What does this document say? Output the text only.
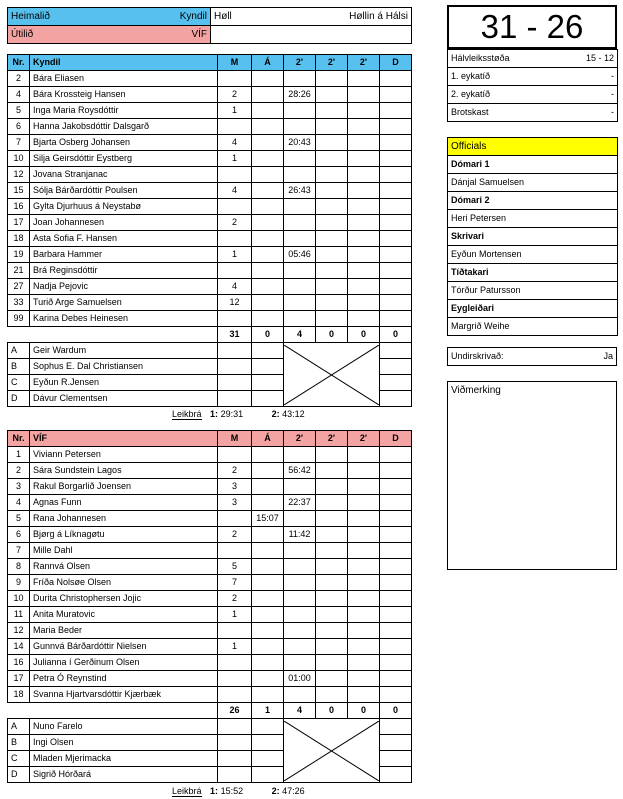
Heimalið Kyndil	Høll Høllin á Hálsi

Útilið VÍF	

Nr.	Kyndil	M	Á	2'	2'	2'	D
2	Bára Eliasen						
4	Bára Krossteig Hansen	2		28:26			
5	Inga Maria Roysdóttir	1					
6	Hanna Jakobsdóttir Dalsgarð						
7	Bjarta Osberg Johansen	4		20:43			
10	Silja Geirsdóttir Eystberg	1					
12	Jovana Stranjanac						
15	Sólja Bárðardóttir Poulsen	4		26:43			
16	Gylta Djurhuus á Neystabø						
17	Joan Johannesen	2					
18	Asta Sofia F. Hansen						
19	Barbara Hammer	1		05:46			
21	Brá Reginsdóttir						
27	Nadja Pejovic	4					
33	Turið Arge Samuelsen	12					
99	Karina Debes Heinesen						
		31	0	4	0	0	0
A	Geir Wardum			

B	Sophus E. Dal Christiansen						
C	Eyðun R.Jensen						
D	Dávur Clementsen						
Nr.	VÍF	M	Á	2'	2'	2'	D
1	Viviann Petersen						
2	Sára Sundstein Lagos	2		56:42			
3	Rakul Borgarlið Joensen	3					
4	Agnas Funn	3		22:37			
5	Rana Johannesen		15:07				
6	Bjørg á Líknagøtu	2		11:42			
7	Mille Dahl						
8	Rannvá Olsen	5					
9	Fríða Nolsøe Olsen	7					
10	Durita Christophersen Jojic	2					
11	Anita Muratovic	1					
12	Maria Beder						
14	Gunnvá Bárðardóttir Nielsen	1					
16	Julianna í Gerðinum Olsen						
17	Petra Ó Reynstind			01:00			
18	Svanna Hjartvarsdóttir Kjærbæk						
		26	1	4	0	0	0
A	Nuno Farelo			

B	Ingi Olsen						
C	Mladen Mjerimacka						
D	Sigrið Hórðará						
Leikbrá 1: 29:31	2: 43:12
Leikbrá 1: 15:52	2: 47:26
31 - 26
Hálvleiksstøða	15 - 12

1. eykatíð	-

2. eykatíð	-

Brotskast	-
Officials
Dómari 1
Dánjal Samuelsen
Dómari 2
Heri Petersen
Skrivari
Eyðun Mortensen
Tíðtakari
Tórður Patursson
Eygleiðari
Margrið Weihe
Undirskrivað:	Ja
Viðmerking
